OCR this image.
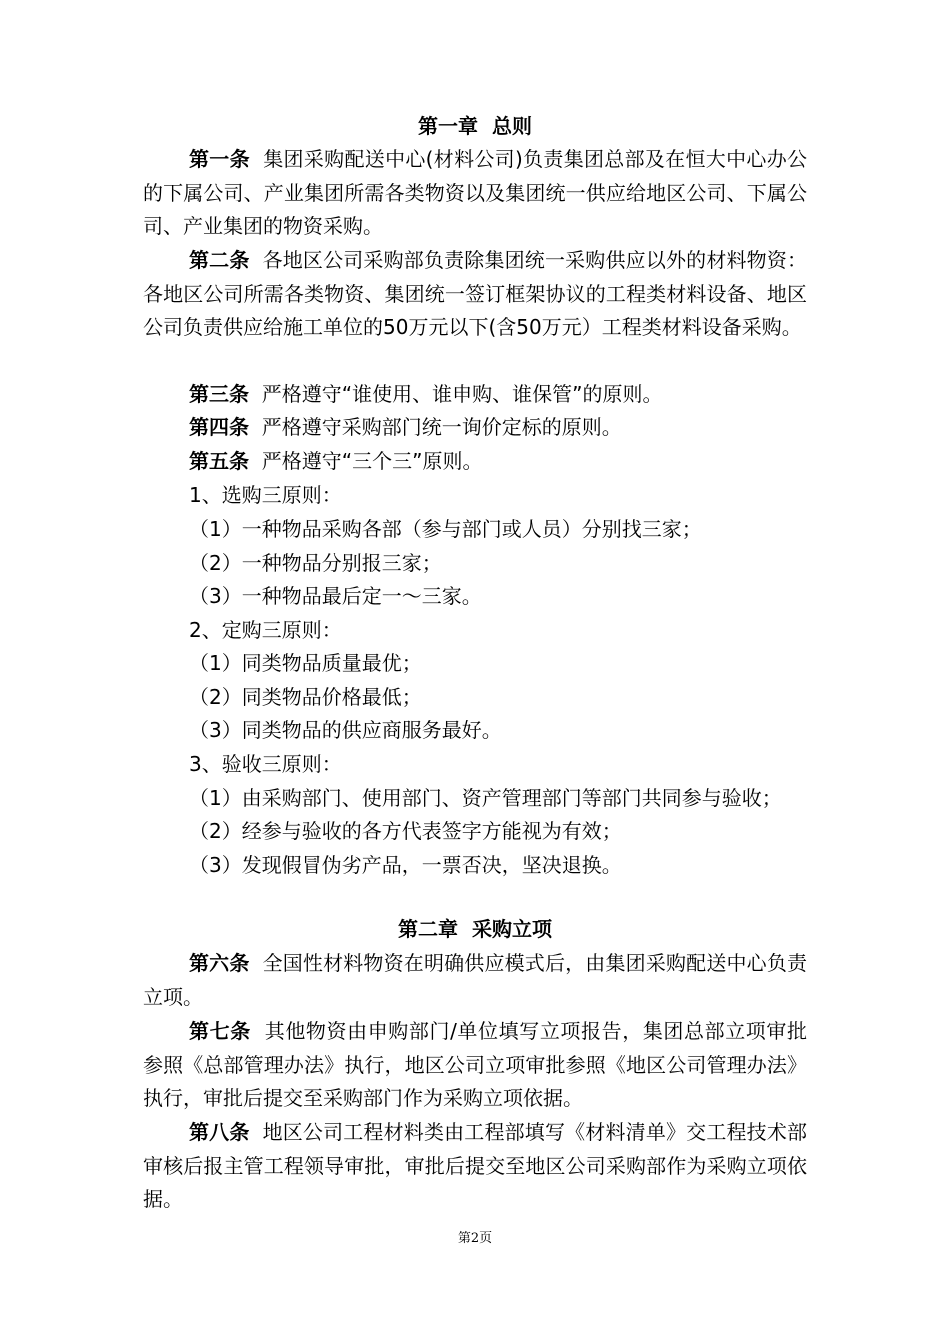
第一章  总则
第一条 集团采购配送中心(材料公司)负责集团总部及在恒大中心办公的下属公司、产业集团所需各类物资以及集团统一供应给地区公司、下属公司、产业集团的物资采购。
第二条 各地区公司采购部负责除集团统一采购供应以外的材料物资：各地区公司所需各类物资、集团统一签订框架协议的工程类材料设备、地区公司负责供应给施工单位的50万元以下(含50万元）工程类材料设备采购。
第三条 严格遵守“谁使用、谁申购、谁保管”的原则。
第四条 严格遵守采购部门统一询价定标的原则。
第五条 严格遵守“三个三”原则。
1、选购三原则：
（1）一种物品采购各部（参与部门或人员）分别找三家；
（2）一种物品分别报三家；
（3）一种物品最后定一～三家。
2、定购三原则：
（1）同类物品质量最优；
（2）同类物品价格最低；
（3）同类物品的供应商服务最好。
3、验收三原则：
（1）由采购部门、使用部门、资产管理部门等部门共同参与验收；
（2）经参与验收的各方代表签字方能视为有效；
（3）发现假冒伪劣产品，一票否决，坚决退换。
第二章  采购立项
第六条 全国性材料物资在明确供应模式后，由集团采购配送中心负责立项。
第七条 其他物资由申购部门/单位填写立项报告，集团总部立项审批参照《总部管理办法》执行，地区公司立项审批参照《地区公司管理办法》执行，审批后提交至采购部门作为采购立项依据。
第八条 地区公司工程材料类由工程部填写《材料清单》交工程技术部审核后报主管工程领导审批，审批后提交至地区公司采购部作为采购立项依据。
第2页
